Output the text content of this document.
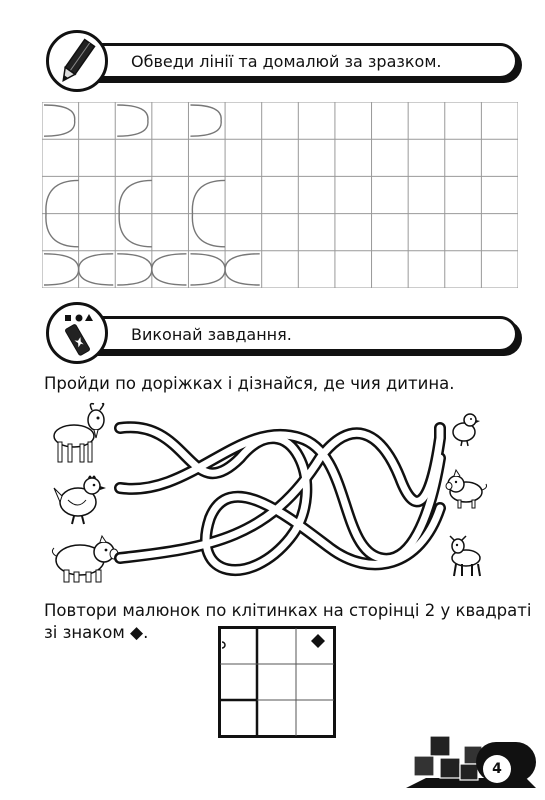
Обведи лінії та домалюй за зразком.
Виконай завдання.
Пройди по доріжках і дізнайся, де чия дитина.
Повтори малюнок по клітинках на сторінці 2 у квадраті
зі знаком ◆.
4
